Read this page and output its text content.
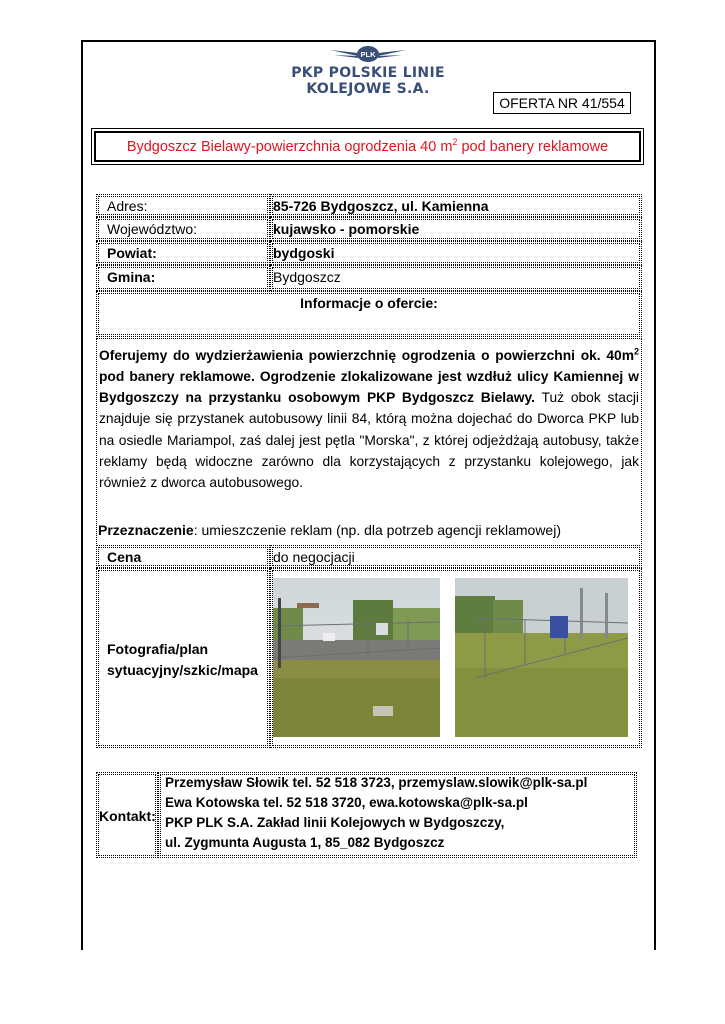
PLK
PKP POLSKIE LINIE KOLEJOWE S.A.
OFERTA NR 41/554
Bydgoszcz Bielawy-powierzchnia ogrodzenia 40 $m^2$ pod banery reklamowe
Adres:	85-726 Bydgoszcz, ul. Kamienna
Województwo:	kujawsko - pomorskie
Powiat:	bydgoski
Gmina:	Bydgoszcz
Informacje o ofercie:

Oferujemy do wydzierżawienia powierzchnię ogrodzenia o powierzchni ok. $40m^2$ pod banery reklamowe. Ogrodzenie zlokalizowane jest wzdłuż ulicy Kamiennej w Bydgoszczy na przystanku osobowym PKP Bydgoszcz Bielawy. Tuż obok stacji znajduje się przystanek autobusowy linii 84, którą można dojechać do Dworca PKP lub na osiedle Mariampol, zaś dalej jest pętla "Morska", z której odjeżdżają autobusy, także reklamy będą widoczne zarówno dla korzystających z przystanku kolejowego, jak również z dworca autobusowego.

Przeznaczenie: umieszczenie reklam (np. dla potrzeb agencji reklamowej)
Cena	do negocjacji
Fotografia/plan sytuacyjny/szkic/mapa
Kontakt:
Przemysław Słowik tel. 52 518 3723, przemyslaw.slowik@plk-sa.pl
Ewa Kotowska tel. 52 518 3720, ewa.kotowska@plk-sa.pl
PKP PLK S.A. Zakład linii Kolejowych w Bydgoszczy,
ul. Zygmunta Augusta 1, 85_082 Bydgoszcz
